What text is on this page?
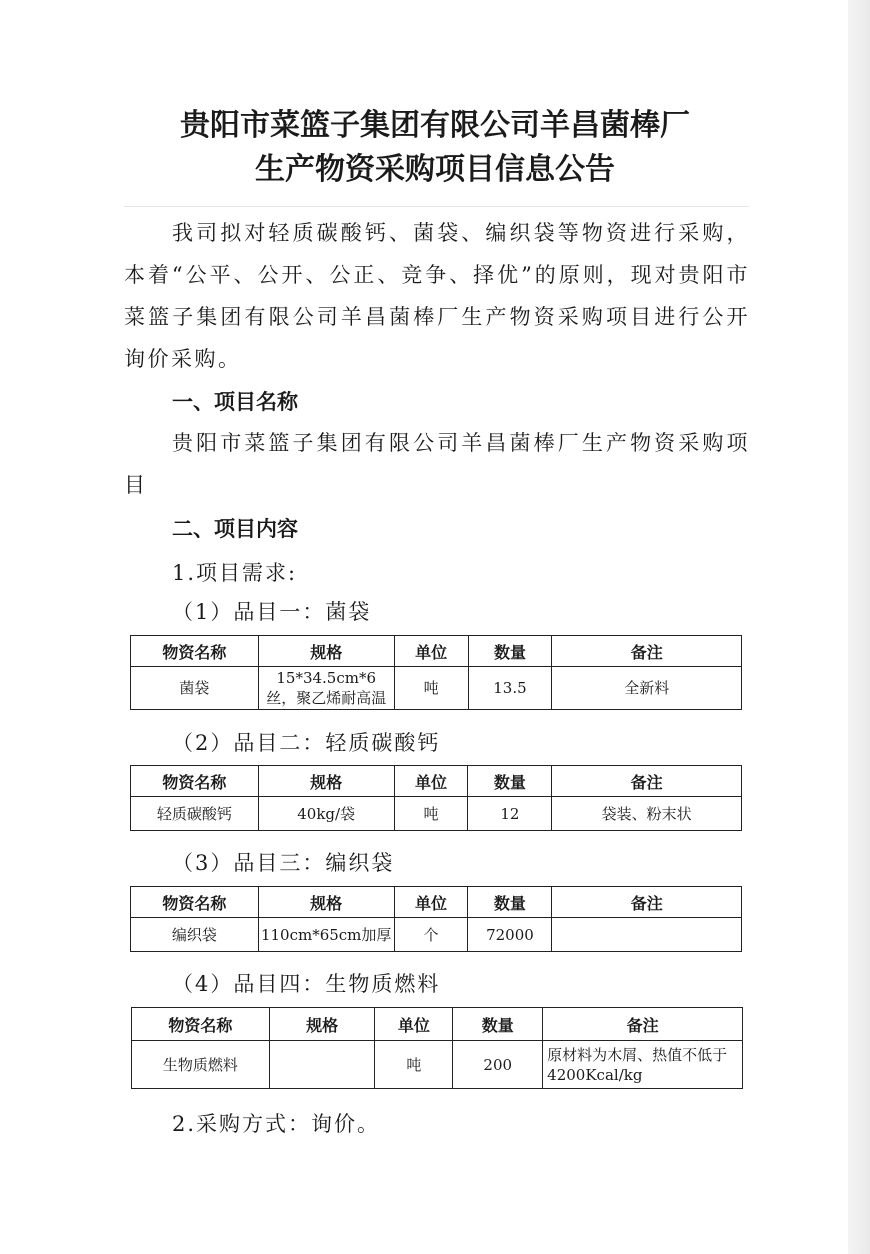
贵阳市菜篮子集团有限公司羊昌菌棒厂
生产物资采购项目信息公告
我司拟对轻质碳酸钙、菌袋、编织袋等物资进行采购，本着“公平、公开、公正、竞争、择优”的原则，现对贵阳市菜篮子集团有限公司羊昌菌棒厂生产物资采购项目进行公开询价采购。
一、项目名称
贵阳市菜篮子集团有限公司羊昌菌棒厂生产物资采购项目
二、项目内容
1.项目需求:
（1）品目一：菌袋
物资名称	规格	单位	数量	备注
菌袋	15*34.5cm*6丝，聚乙烯耐高温	吨	13.5	全新料
（2）品目二：轻质碳酸钙
物资名称	规格	单位	数量	备注
轻质碳酸钙	40kg/袋	吨	12	袋装、粉末状
（3）品目三：编织袋
物资名称	规格	单位	数量	备注
编织袋	110cm*65cm加厚	个	72000	
（4）品目四：生物质燃料
物资名称	规格	单位	数量	备注
生物质燃料		吨	200	原材料为木屑、热值不低于4200Kcal/kg
2.采购方式：询价。
